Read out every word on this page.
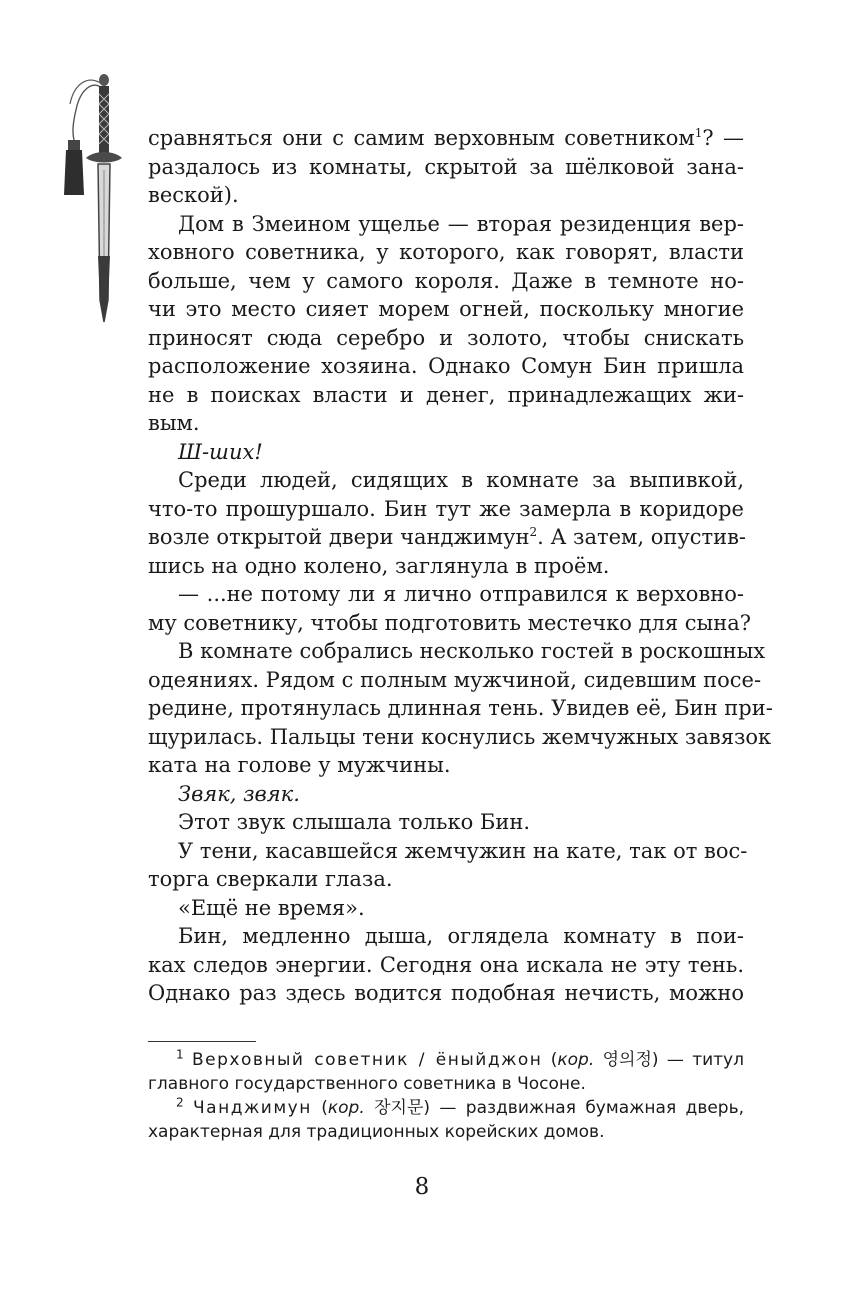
сравняться они с самим верховным советником$^1$? —
раздалось из комнаты, скрытой за шёлковой зана-
веской).
Дом в Змеином ущелье — вторая резиденция вер-
ховного советника, у которого, как говорят, власти
больше, чем у самого короля. Даже в темноте но-
чи это место сияет морем огней, поскольку многие
приносят сюда серебро и золото, чтобы снискать
расположение хозяина. Однако Сомун Бин пришла
не в поисках власти и денег, принадлежащих жи-
вым.
Ш-ших!
Среди людей, сидящих в комнате за выпивкой,
что-то прошуршало. Бин тут же замерла в коридоре
возле открытой двери чанджимун$^2$. А затем, опустив-
шись на одно колено, заглянула в проём.
— ...не потому ли я лично отправился к верховно-
му советнику, чтобы подготовить местечко для сына?
В комнате собрались несколько гостей в роскошных
одеяниях. Рядом с полным мужчиной, сидевшим посе-
редине, протянулась длинная тень. Увидев её, Бин при-
щурилась. Пальцы тени коснулись жемчужных завязок
ката на голове у мужчины.
Звяк, звяк.
Этот звук слышала только Бин.
У тени, касавшейся жемчужин на кате, так от вос-
торга сверкали глаза.
«Ещё не время».
Бин, медленно дыша, оглядела комнату в пои-
ках следов энергии. Сегодня она искала не эту тень.
Однако раз здесь водится подобная нечисть, можно
$^1$ Верховный советник / ёныйджон (кор. 영의정) — титул
главного государственного советника в Чосоне.
$^2$ Чанджимун (кор. 장지문) — раздвижная бумажная дверь,
характерная для традиционных корейских домов.
8
